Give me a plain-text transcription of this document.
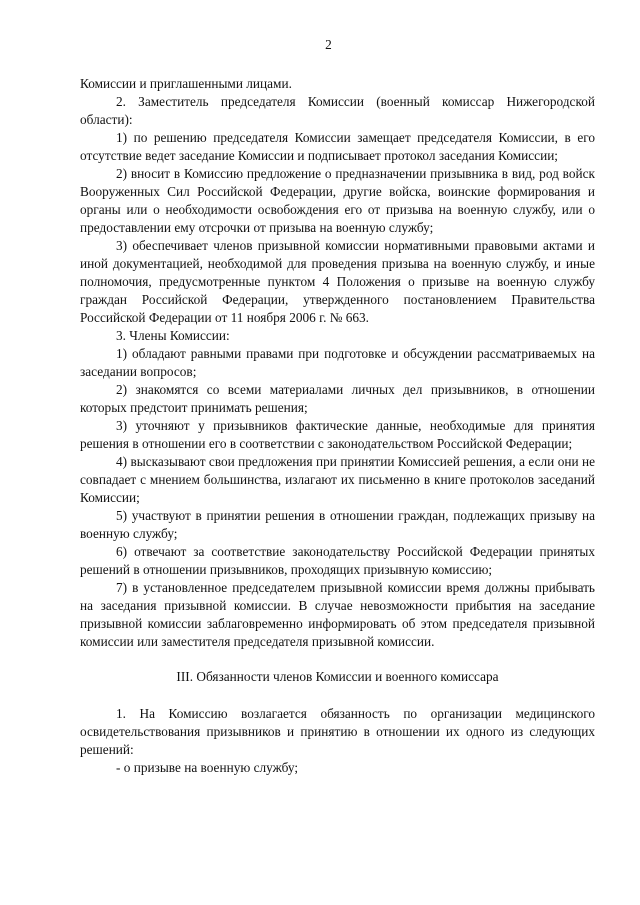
2

Комиссии и приглашенными лицами.

2. Заместитель председателя Комиссии (военный комиссар Нижегородской области):

1) по решению председателя Комиссии замещает председателя Комиссии, в его отсутствие ведет заседание Комиссии и подписывает протокол заседания Комиссии;

2) вносит в Комиссию предложение о предназначении призывника в вид, род войск Вооруженных Сил Российской Федерации, другие войска, воинские формирования и органы или о необходимости освобождения его от призыва на военную службу, или о предоставлении ему отсрочки от призыва на военную службу;

3) обеспечивает членов призывной комиссии нормативными правовыми актами и иной документацией, необходимой для проведения призыва на военную службу, и иные полномочия, предусмотренные пунктом 4 Положения о призыве на военную службу граждан Российской Федерации, утвержденного постановлением Правительства Российской Федерации от 11 ноября 2006 г. № 663.

3. Члены Комиссии:

1) обладают равными правами при подготовке и обсуждении рассматриваемых на заседании вопросов;

2) знакомятся со всеми материалами личных дел призывников, в отношении которых предстоит принимать решения;

3) уточняют у призывников фактические данные, необходимые для принятия решения в отношении его в соответствии с законодательством Российской Федерации;

4) высказывают свои предложения при принятии Комиссией решения, а если они не совпадает с мнением большинства, излагают их письменно в книге протоколов заседаний Комиссии;

5) участвуют в принятии решения в отношении граждан, подлежащих призыву на военную службу;

6) отвечают за соответствие законодательству Российской Федерации принятых решений в отношении призывников, проходящих призывную комиссию;

7) в установленное председателем призывной комиссии время должны прибывать на заседания призывной комиссии. В случае невозможности прибытия на заседание призывной комиссии заблаговременно информировать об этом председателя призывной комиссии или заместителя председателя призывной комиссии.

III. Обязанности членов Комиссии и военного комиссара

1. На Комиссию возлагается обязанность по организации медицинского освидетельствования призывников и принятию в отношении их одного из следующих решений:

- о призыве на военную службу;
